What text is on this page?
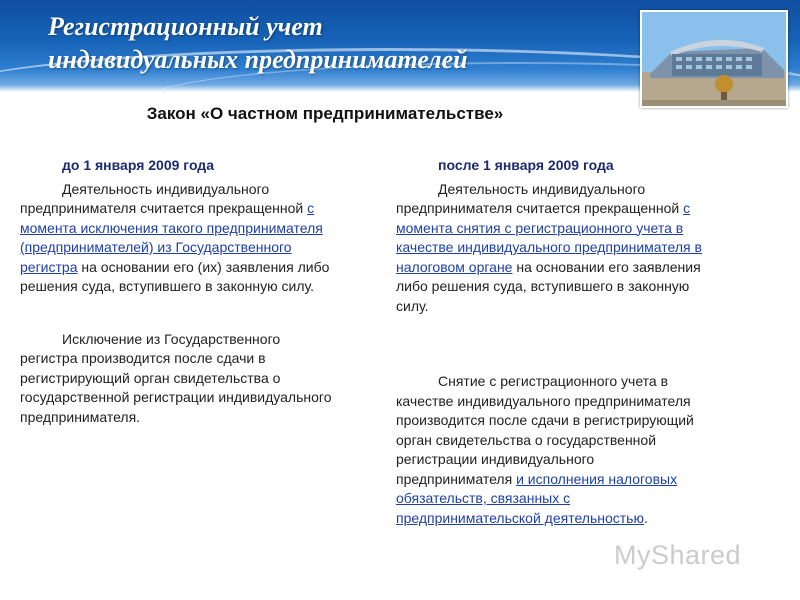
Регистрационный учет
индивидуальных предпринимателей
Закон «О частном предпринимательстве»
до 1 января 2009 года

Деятельность индивидуального предпринимателя считается прекращенной с момента исключения такого предпринимателя (предпринимателей) из Государственного регистра на основании его (их) заявления либо решения суда, вступившего в законную силу.

Исключение из Государственного регистра производится после сдачи в регистрирующий орган свидетельства о государственной регистрации индивидуального предпринимателя.

после 1 января 2009 года

Деятельность индивидуального предпринимателя считается прекращенной с момента снятия с регистрационного учета в качестве индивидуального предпринимателя в налоговом органе на основании его заявления либо решения суда, вступившего в законную силу.

Снятие с регистрационного учета в качестве индивидуального предпринимателя производится после сдачи в регистрирующий орган свидетельства о государственной регистрации индивидуального предпринимателя и исполнения налоговых обязательств, связанных с предпринимательской деятельностью.

MyShared
